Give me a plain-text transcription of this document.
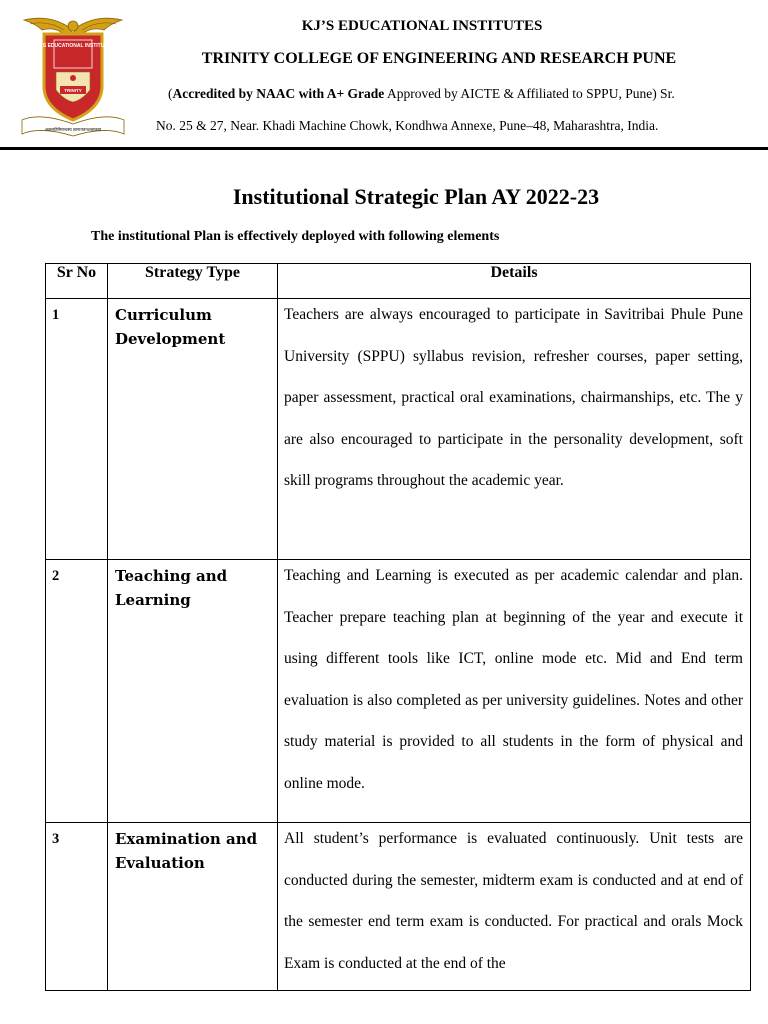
KJ'S EDUCATIONAL INSTITUTE
TRINITY
अज्ञानतिमिरान्धस्य ज्ञानाञ्जनशलाकया
KJ’S EDUCATIONAL INSTITUTES
TRINITY COLLEGE OF ENGINEERING AND RESEARCH PUNE
(Accredited by NAAC with A+ Grade Approved by AICTE & Affiliated to SPPU, Pune) Sr.
No. 25 & 27, Near. Khadi Machine Chowk, Kondhwa Annexe, Pune–48, Maharashtra, India.
Institutional Strategic Plan AY 2022-23
The institutional Plan is effectively deployed with following elements
Sr No	Strategy Type	Details
1	Curriculum Development	Teachers are always encouraged to participate in Savitribai Phule Pune University (SPPU) syllabus revision, refresher courses, paper setting, paper assessment, practical oral examinations, chairmanships, etc. The y are also encouraged to participate in the personality development, soft skill programs throughout the academic year.

2	Teaching and Learning	Teaching and Learning is executed as per academic calendar and plan. Teacher prepare teaching plan at beginning of the year and execute it using different tools like ICT, online mode etc. Mid and End term evaluation is also completed as per university guidelines. Notes and other study material is provided to all students in the form of physical and online mode.

3	Examination and Evaluation	All student’s performance is evaluated continuously. Unit tests are conducted during the semester, midterm exam is conducted and at end of the semester end term exam is conducted. For practical and orals Mock Exam is conducted at the end of the
